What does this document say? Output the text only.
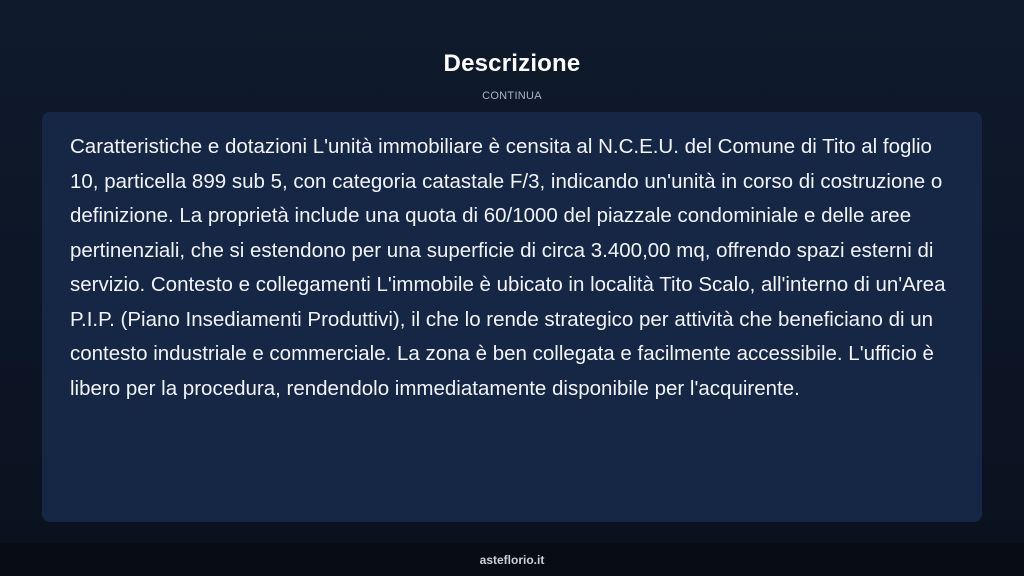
Descrizione
CONTINUA

Caratteristiche e dotazioni L'unità immobiliare è censita al N.C.E.U. del Comune di Tito al foglio 10, particella 899 sub 5, con categoria catastale F/3, indicando un'unità in corso di costruzione o definizione. La proprietà include una quota di 60/1000 del piazzale condominiale e delle aree pertinenziali, che si estendono per una superficie di circa 3.400,00 mq, offrendo spazi esterni di servizio. Contesto e collegamenti L'immobile è ubicato in località Tito Scalo, all'interno di un'Area P.I.P. (Piano Insediamenti Produttivi), il che lo rende strategico per attività che beneficiano di un contesto industriale e commerciale. La zona è ben collegata e facilmente accessibile. L'ufficio è libero per la procedura, rendendolo immediatamente disponibile per l'acquirente.

asteflorio.it
